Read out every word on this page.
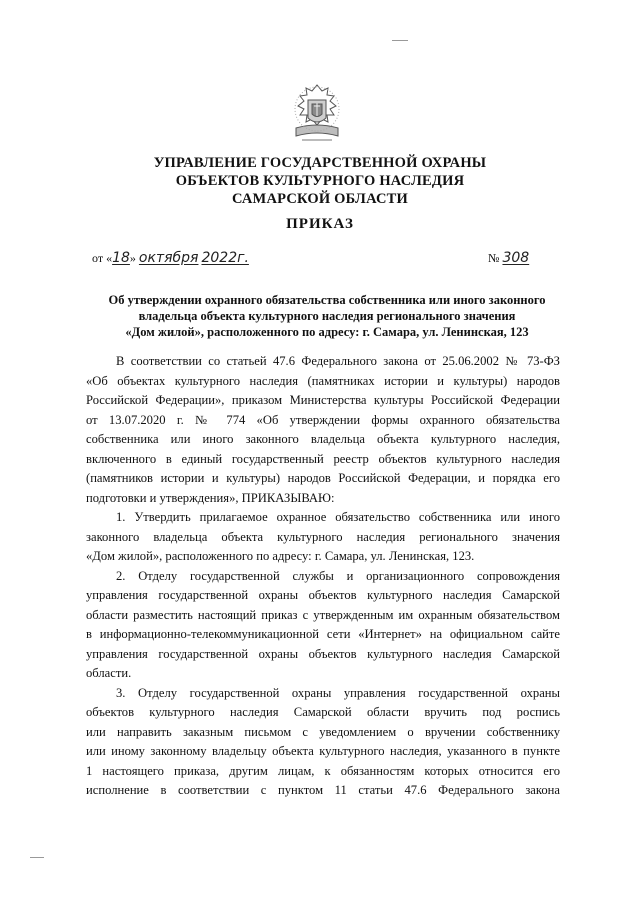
УПРАВЛЕНИЕ ГОСУДАРСТВЕННОЙ ОХРАНЫ
ОБЪЕКТОВ КУЛЬТУРНОГО НАСЛЕДИЯ
САМАРСКОЙ ОБЛАСТИ
ПРИКАЗ
от «18» октября 2022г.	№ 308
Об утверждении охранного обязательства собственника или иного законного
владельца объекта культурного наследия регионального значения
«Дом жилой», расположенного по адресу: г. Самара, ул. Ленинская, 123
В соответствии со статьей 47.6 Федерального закона от 25.06.2002 № 73-ФЗ
«Об объектах культурного наследия (памятниках истории и культуры) народов
Российской Федерации», приказом Министерства культуры Российской Федерации
от 13.07.2020 г. № 774 «Об утверждении формы охранного обязательства
собственника или иного законного владельца объекта культурного наследия,
включенного в единый государственный реестр объектов культурного наследия
(памятников истории и культуры) народов Российской Федерации, и порядка его
подготовки и утверждения», ПРИКАЗЫВАЮ:
1. Утвердить прилагаемое охранное обязательство собственника или иного
законного владельца объекта культурного наследия регионального значения
«Дом жилой», расположенного по адресу: г. Самара, ул. Ленинская, 123.
2. Отделу государственной службы и организационного сопровождения
управления государственной охраны объектов культурного наследия Самарской
области разместить настоящий приказ с утвержденным им охранным обязательством
в информационно-телекоммуникационной сети «Интернет» на официальном сайте
управления государственной охраны объектов культурного наследия Самарской
области.
3. Отделу государственной охраны управления государственной охраны
объектов культурного наследия Самарской области вручить под роспись
или направить заказным письмом с уведомлением о вручении собственнику
или иному законному владельцу объекта культурного наследия, указанного в пункте
1 настоящего приказа, другим лицам, к обязанностям которых относится его
исполнение в соответствии с пунктом 11 статьи 47.6 Федерального закона
